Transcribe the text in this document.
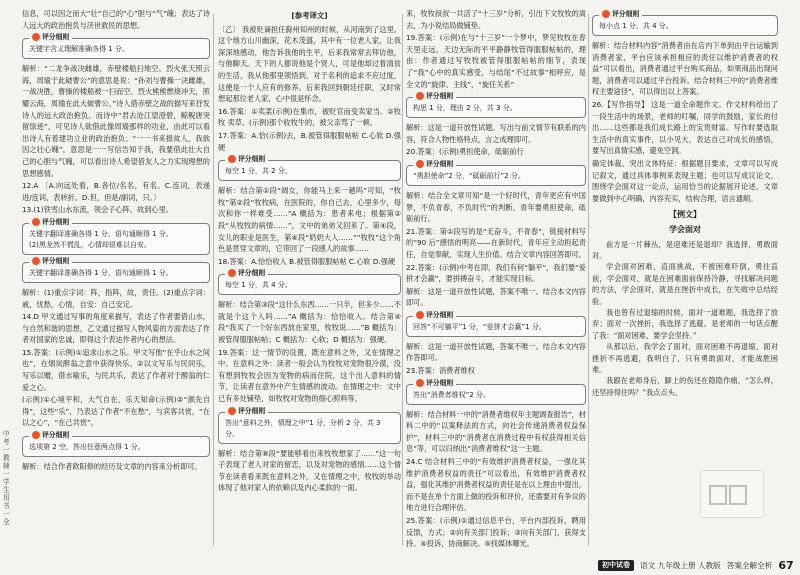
中考 一 教辅 一 学生用书 一 全

信息，可以因之而大“壮”自己的“心”胆与“气”魄；表达了诗人远大的政治抱负与济世救民的思想。

评分细则
关键字含义理解准确各得 1 分。

解析：“二龙争战决雌雄，赤壁楼船扫地空。烈火张天照云海，周瑜于此破曹公”的意思是说：“孙刘与曹操一决雌雄，一战决胜，曹操的楼船被一扫而空。烈火熊熊燃烧冲天，照耀云海，周瑜在此大破曹公。”诗人借赤壁之战的描写来抒发诗人的远大政治抱负。而诗中“君去沧江望澄碧，鲸鲵唐突留馀迹”，可见诗人欲借此像周瑜那样的功业，由此可以看出诗人有着建功立业的政治抱负；“一一书来报故人，我欲因之壮心魄”，意思是一一写信告知于我，我要借此壮大自己的心胆与气魄，可以看出诗人希望借友人之力实现理想的思想感情。

12.A 〔A.向远处看，B.各位/名名，有名。C.连词，表递进/连词，表转折。D.但，但是/副词，只。〕

13.(1)铁雪山水东流，领会子心阵，故到心里。

评分细则
关键字翻译准确各得 1 分，语句通顺得 1 分。
(2)黑龙然不慌乱，心情却很难以自安。
评分细则
关键字翻译准确各得 1 分，语句通顺得 1 分。

解析：(1)重点字词：阵，指阵，故，责任。(2)重点字词：戚，忧愁，心情，自安：自己安定。

14.D 甲文通过写事的角度来描写，表达了作者要借山水，与自然和谐的思想，乙文通过描写人物风姿的方面表达了作者对国家的忠诚，即得这个表达作者内心的想法。

15.答案：(示例)①追求山水之乐。甲文写他“在乎山水之间也”，在烟岚醉翁之意中获得快乐。②以文写乐与民同乐，写乐以赠，借水喻乐，与民共乐，表达了作者对于醉翁的仁爱之心。

(示例)①心境平和，大气自在，乐天知命(示例)②“颜先自得”，这些“乐”，乃表达了作者“不在愁”，与宾客共赏，“在以之心”，“在己共赏”。

评分细则
选项第 2 空，答出任意两点得 1 分。

解析：结合作者欧阳修的经历及文章的内容来分析即可。

[参考译文]

〔乙〕 我被贬谪担任滁州知州的时候，从河南到了这里。这个地方山川幽深，花木茂盛，其中有一位老人家，让我深深地感动，他告诉我他的生平，后来我常常去拜访他，与他聊天。天下的人都说他是个贤人，可是他却过着清贫的生活，我从他那里领悟到，对于名利的追求不应过度，这便是一个人应有的修养。后来我回到朝廷任职，又时常想起那位老人家，心中很是怀念。

16.答案：①卖菜(示例)在集市，被贬官而变卖家当。②牧牧 卖草。(示例)那个收牧牛的，被父亲骂了一顿。

17.答案：A.恰(示例)去，B.被管得服服帖帖 C.心软 D.强硬

评分细则
每空 1 分，共 2 分。

解析：结合第①段“阔女，你能马上来一趟吗”可知，“牧牧”第②段“牧牧病，在医院的，你自己去，心里多少，每次和你一样难受……”A 概括为：患者来电；根据第②段“从牧牧的病情……”，文中的弟弟又回来了。第④段，女儿的职业是医生，第④段“奶奶大人……”“牧牧”这个角色是贯穿文章的，它带回了一段感人的故事……

18.答案：A.恰恰收入 B.被管得服服帖帖 C.心软 D.强硬

评分细则
每空 1 分，共 4 分。

解析：结合第③段“这什么东西……一只半，但多少……不就是个这个人吗……”A 概括为：恰恰收入。结合第④段“我买了一个好东西放在家里，牧牧说……”B 概括为：被管得服服帖帖；C 概括为：心软；D 概括为：强硬。

19.答案：这一情节的设置，既在意料之外，又在情理之中。在意料之外：读者一般会认为牧牧对宠物很冷漠，没有想到牧牧会因为宠物的病而住院，这个出人意料的情节，让读者在意外中产生情感的波动。在情理之中：文中已有多处铺垫，如牧牧对宠物的细心照料等。

评分细则
答出“意料之外，情理之中”1 分，分析 2 分，共 3 分。

解析：结合第⑧段“要能够看出来牧牧想家了……”这一句子表现了老人对家的留恋，以及对宠物的感情……这个情节在读者看来既在意料之外，又在情理之中，牧牧的举动体现了他对家人的依赖以及内心柔软的一面。

来，牧牧叔叔一共活了“十三岁”分析，引出下文牧牧的离去，为小说结局做铺垫。

19.答案：(示例)在与“十三岁”一个梦中，梦见牧牧在春天里走远，天边无际的平平静静牧管得服服帖帖的，理由：作者通过写牧牧被管得服服帖帖的细节，表现了“我”心中的真实感受，与结尾“不过故事”相呼应，是全文的“旋律、主线”，“旋任关系”

评分细则
构思 1 分，理由 2 分，共 3 分。

解析：这是一道开放性试题。写出与前文情节有联系的内容，符合人物性格特点，言之成理即可。

20.答案：(示例)勇担使命，砥砺前行

评分细则
“勇担使命”2 分，“砥砺前行”2 分。

解析：结合全文章可知“是一个好时代，青年更应有中国梦，不负青春，不负时代”的判断，青年要勇担使命，砥砺前行。

21.答案：第①段写的是“无奋斗，不青春”，链接材料写的“90 后”感悟的明亮——在新时代，青年应主动担起责任，自觉奉献，实现人生价值。结合文章内容回答即可。

22.答案：(示例)中考在即，我们有何“躺平”，我们要“爱拼才会赢”，要拼搏奋斗，才能实现目标。

解析：这是一道开放性试题，答案不唯一。结合本文内容即可。

评分细则
回答“不可躺平”1 分，“爱拼才会赢”1 分。

解析：这是一道开放性试题，答案不唯一。结合本文内容作答即可。

23.答案：消费者维权

评分细则
答出“消费者维权”2 分。

解析：结合材料一中的“消费者维权年主题调查报告”，材料二中的“以案释法的方式，向社会传递消费者权益保护”，材料三中的“消费者在消费过程中有权获得相关信息”等，可以归纳出“消费者维权”这一主题。

24.C 结合材料三中的“有效维护消费者权益，一强化其维护消费者权益的责任”可以看出，有效维护消费者权益，强化其维护消费者权益的责任是在以上理由中提出，而不是在单个方面上做的投诉和评价，还需要对有争议的地方进行合理评估。

25.答案：(示例)①通过信息平台，平台内部投诉，聘用反馈，方式；②向有关部门投诉；③向有关部门，获得支持。④投诉，协商解决。⑤找媒体曝光。

评分细则
每小点 1 分，共 4 分。

解析：结合材料内容“消费者由在店内下单到由平台运输到消费者家，平台应该承担相应的责任以维护消费者的权益”可以看出，消费者通过平台购买商品，如果商品出现问题，消费者可以通过平台投诉。结合材料三中的“消费者维权主要途径”，可以得出以上答案。

26.【写作指导】 这是一道全命题作文。作文材料给出了一段生活中的场景，老师的叮嘱，同学的鼓励，家长的付出……这些都是我们成长路上的宝贵财富。写作时要选取生活中的真实事件，以小见大，表达自己对成长的感悟，要写出真情实感，避免空洞。

确定体裁、突出文体特征：根据题目要求，文章可以写成记叙文，通过具体事例来表现主题；也可以写成议论文，围绕学会面对这一论点，运用恰当的论据展开论述，文章要做到中心明确，内容充实，结构合理，语言通顺。

【例文】
学会面对

前方是一片棘丛，是迎难还是退却？我选择，勇敢面对。

学会面对困难，直面挑战，不被困难吓倒，勇往直前，学会面对，就是在困难面前保持冷静，寻找解决问题的方法，学会面对，就是在挫折中成长，在失败中总结经验。

我也曾有过退缩的时候，面对一道难题，我选择了放弃；面对一次挫折，我选择了逃避。是老师的一句话点醒了我：“面对困难，要学会坚持。”

从那以后，我学会了面对，面对困难不再退缩，面对挫折不再逃避，我明白了，只有勇敢面对，才能战胜困难。

我跟在老师身后，脚上的伤还在隐隐作痛，“怎么样，还坚持得住吗？”我点点头。

初中试卷	语文 九年级上册 人教版 答案全解全析 67
